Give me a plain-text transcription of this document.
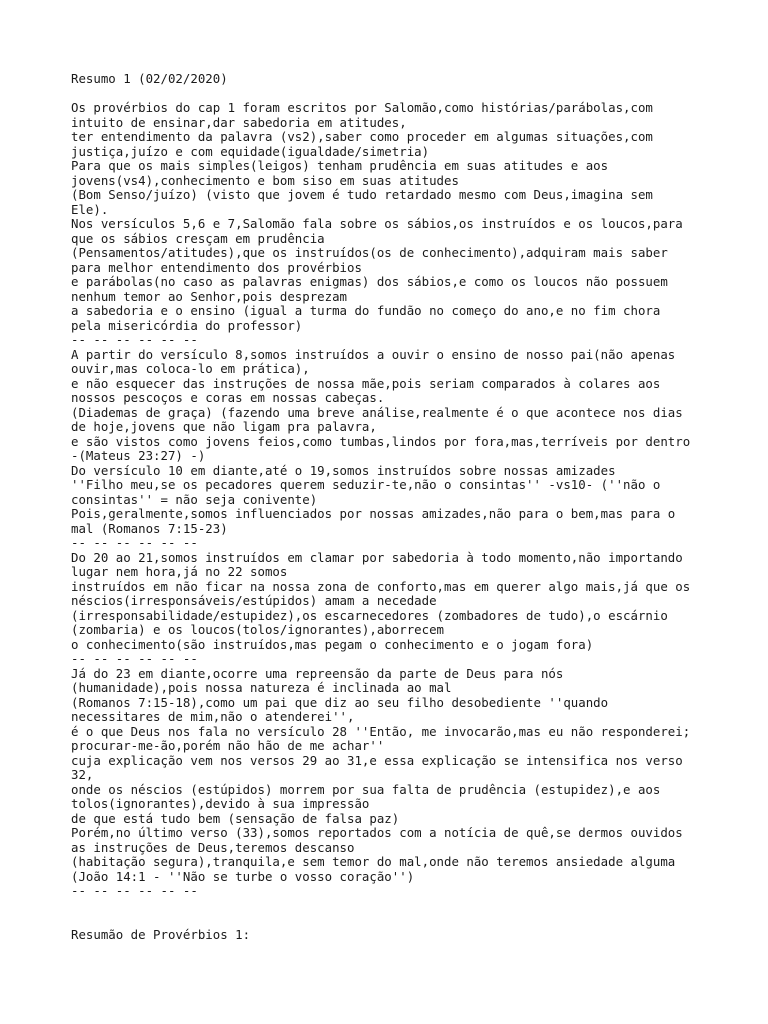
Resumo 1 (02/02/2020)
Os provérbios do cap 1 foram escritos por Salomão,como histórias/parábolas,com
intuito de ensinar,dar sabedoria em atitudes,
ter entendimento da palavra (vs2),saber como proceder em algumas situações,com
justiça,juízo e com equidade(igualdade/simetria)
Para que os mais simples(leigos) tenham prudência em suas atitudes e aos
jovens(vs4),conhecimento e bom siso em suas atitudes
(Bom Senso/juízo) (visto que jovem é tudo retardado mesmo com Deus,imagina sem
Ele).
Nos versículos 5,6 e 7,Salomão fala sobre os sábios,os instruídos e os loucos,para
que os sábios cresçam em prudência
(Pensamentos/atitudes),que os instruídos(os de conhecimento),adquiram mais saber
para melhor entendimento dos provérbios
e parábolas(no caso as palavras enigmas) dos sábios,e como os loucos não possuem
nenhum temor ao Senhor,pois desprezam
a sabedoria e o ensino (igual a turma do fundão no começo do ano,e no fim chora
pela misericórdia do professor)
-- -- -- -- -- --
A partir do versículo 8,somos instruídos a ouvir o ensino de nosso pai(não apenas
ouvir,mas coloca-lo em prática),
e não esquecer das instruções de nossa mãe,pois seriam comparados à colares aos
nossos pescoços e coras em nossas cabeças.
(Diademas de graça) (fazendo uma breve análise,realmente é o que acontece nos dias
de hoje,jovens que não ligam pra palavra,
e são vistos como jovens feios,como tumbas,lindos por fora,mas,terríveis por dentro
-(Mateus 23:27) -)
Do versículo 10 em diante,até o 19,somos instruídos sobre nossas amizades
''Filho meu,se os pecadores querem seduzir-te,não o consintas'' -vs10- (''não o
consintas'' = não seja conivente)
Pois,geralmente,somos influenciados por nossas amizades,não para o bem,mas para o
mal (Romanos 7:15-23)
-- -- -- -- -- --
Do 20 ao 21,somos instruídos em clamar por sabedoria à todo momento,não importando
lugar nem hora,já no 22 somos
instruídos em não ficar na nossa zona de conforto,mas em querer algo mais,já que os
néscios(irresponsáveis/estúpidos) amam a necedade
(irresponsabilidade/estupidez),os escarnecedores (zombadores de tudo),o escárnio
(zombaria) e os loucos(tolos/ignorantes),aborrecem
o conhecimento(são instruídos,mas pegam o conhecimento e o jogam fora)
-- -- -- -- -- --
Já do 23 em diante,ocorre uma repreensão da parte de Deus para nós
(humanidade),pois nossa natureza é inclinada ao mal
(Romanos 7:15-18),como um pai que diz ao seu filho desobediente ''quando
necessitares de mim,não o atenderei'',
é o que Deus nos fala no versículo 28 ''Então, me invocarão,mas eu não responderei;
procurar-me-ão,porém não hão de me achar''
cuja explicação vem nos versos 29 ao 31,e essa explicação se intensifica nos verso
32,
onde os néscios (estúpidos) morrem por sua falta de prudência (estupidez),e aos
tolos(ignorantes),devido à sua impressão
de que está tudo bem (sensação de falsa paz)
Porém,no último verso (33),somos reportados com a notícia de quê,se dermos ouvidos
as instruções de Deus,teremos descanso
(habitação segura),tranquila,e sem temor do mal,onde não teremos ansiedade alguma
(João 14:1 - ''Não se turbe o vosso coração'')
-- -- -- -- -- --
Resumão de Provérbios 1:
